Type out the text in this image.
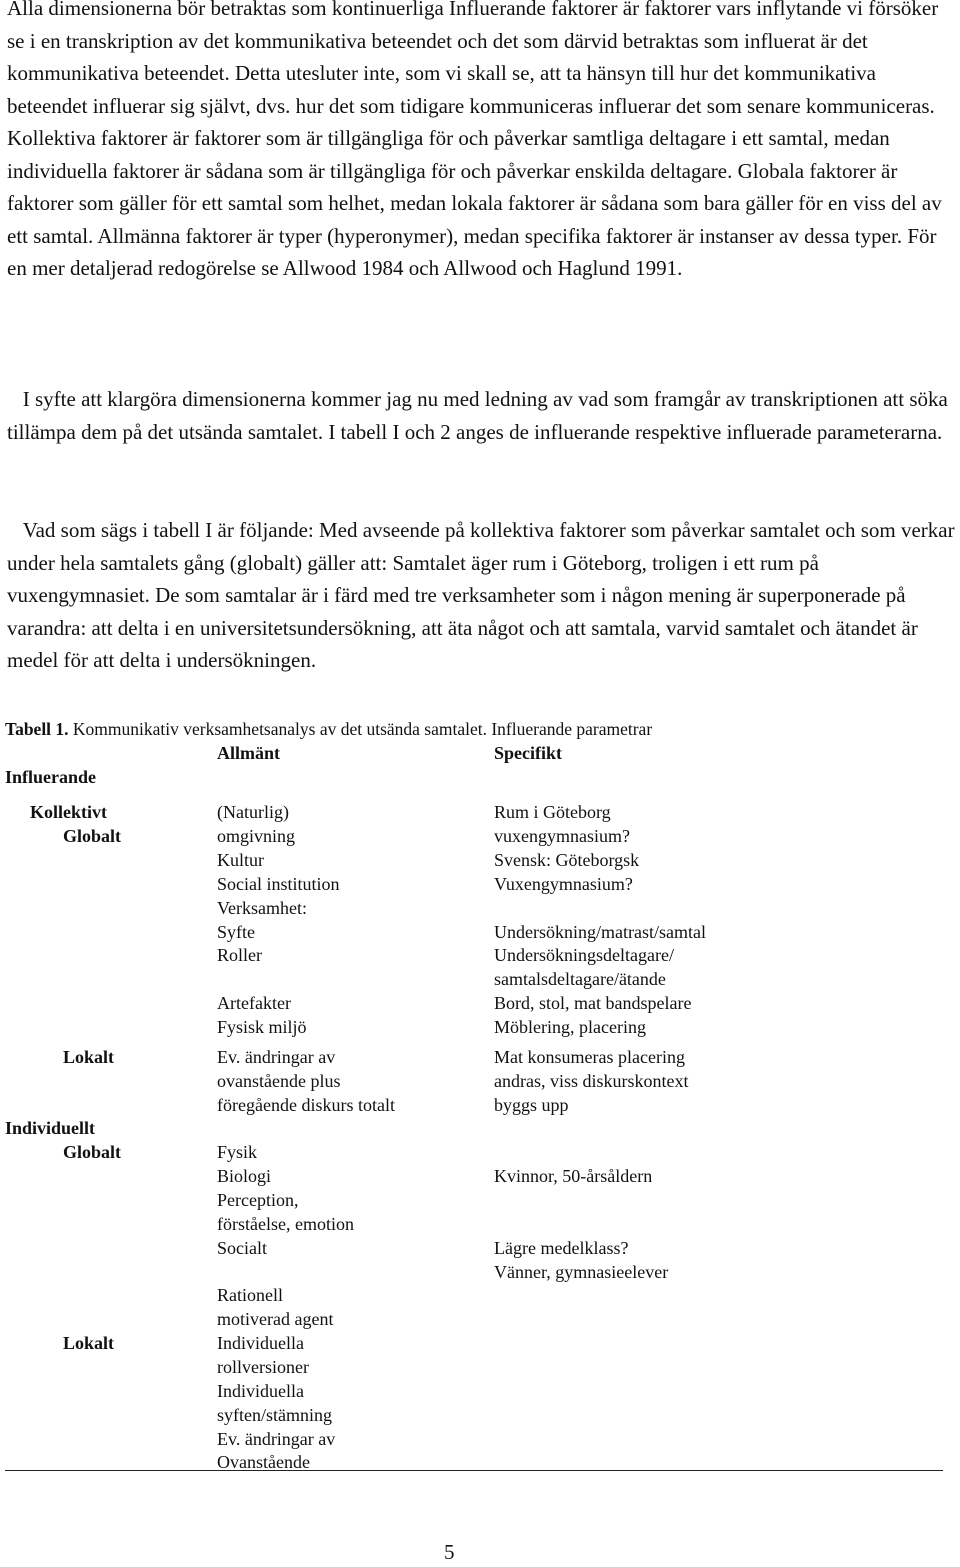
Alla dimensionerna bör betraktas som kontinuerliga Influerande faktorer är faktorer vars inflytande vi försöker se i en transkription av det kommunikativa beteendet och det som därvid betraktas som influerat är det kommunikativa beteendet. Detta utesluter inte, som vi skall se, att ta hänsyn till hur det kommunikativa beteendet influerar sig självt, dvs. hur det som tidigare kommuniceras influerar det som senare kommuniceras. Kollektiva faktorer är faktorer som är tillgängliga för och påverkar samtliga deltagare i ett samtal, medan individuella faktorer är sådana som är tillgängliga för och påverkar enskilda deltagare. Globala faktorer är faktorer som gäller för ett samtal som helhet, medan lokala faktorer är sådana som bara gäller för en viss del av ett samtal. Allmänna faktorer är typer (hyperonymer), medan specifika faktorer är instanser av dessa typer. För en mer detaljerad redogörelse se Allwood 1984 och Allwood och Haglund 1991.

I syfte att klargöra dimensionerna kommer jag nu med ledning av vad som framgår av transkriptionen att söka tillämpa dem på det utsända samtalet. I tabell I och 2 anges de influerande respektive influerade parameterarna.

Vad som sägs i tabell I är följande: Med avseende på kollektiva faktorer som påverkar samtalet och som verkar under hela samtalets gång (globalt) gäller att: Samtalet äger rum i Göteborg, troligen i ett rum på vuxengymnasiet. De som samtalar är i färd med tre verksamheter som i någon mening är superponerade på varandra: att delta i en universitetsundersökning, att äta något och att samtala, varvid samtalet och ätandet är medel för att delta i undersökningen.

Tabell 1. Kommunikativ verksamhetsanalys av det utsända samtalet. Influerande parametrar

Allmänt	Specifikt

Influerande

Kollektivt

Globalt

Lokalt

Individuellt

Globalt

Lokalt

(Naturlig)

omgivning

Kultur

Social institution

Verksamhet:

Syfte

Roller

Artefakter

Fysisk miljö

Ev. ändringar av

ovanstående plus

föregående diskurs totalt

Fysik

Biologi

Perception,

förståelse, emotion

Socialt

Rationell

motiverad agent

Individuella

rollversioner

Individuella

syften/stämning

Ev. ändringar av

Ovanstående

Rum i Göteborg

vuxengymnasium?

Svensk: Göteborgsk

Vuxengymnasium?

Undersökning/matrast/samtal

Undersökningsdeltagare/

samtalsdeltagare/ätande

Bord, stol, mat bandspelare

Möblering, placering

Mat konsumeras placering

andras, viss diskurskontext

byggs upp

Kvinnor, 50-årsåldern

Lägre medelklass?

Vänner, gymnasieelever

5
